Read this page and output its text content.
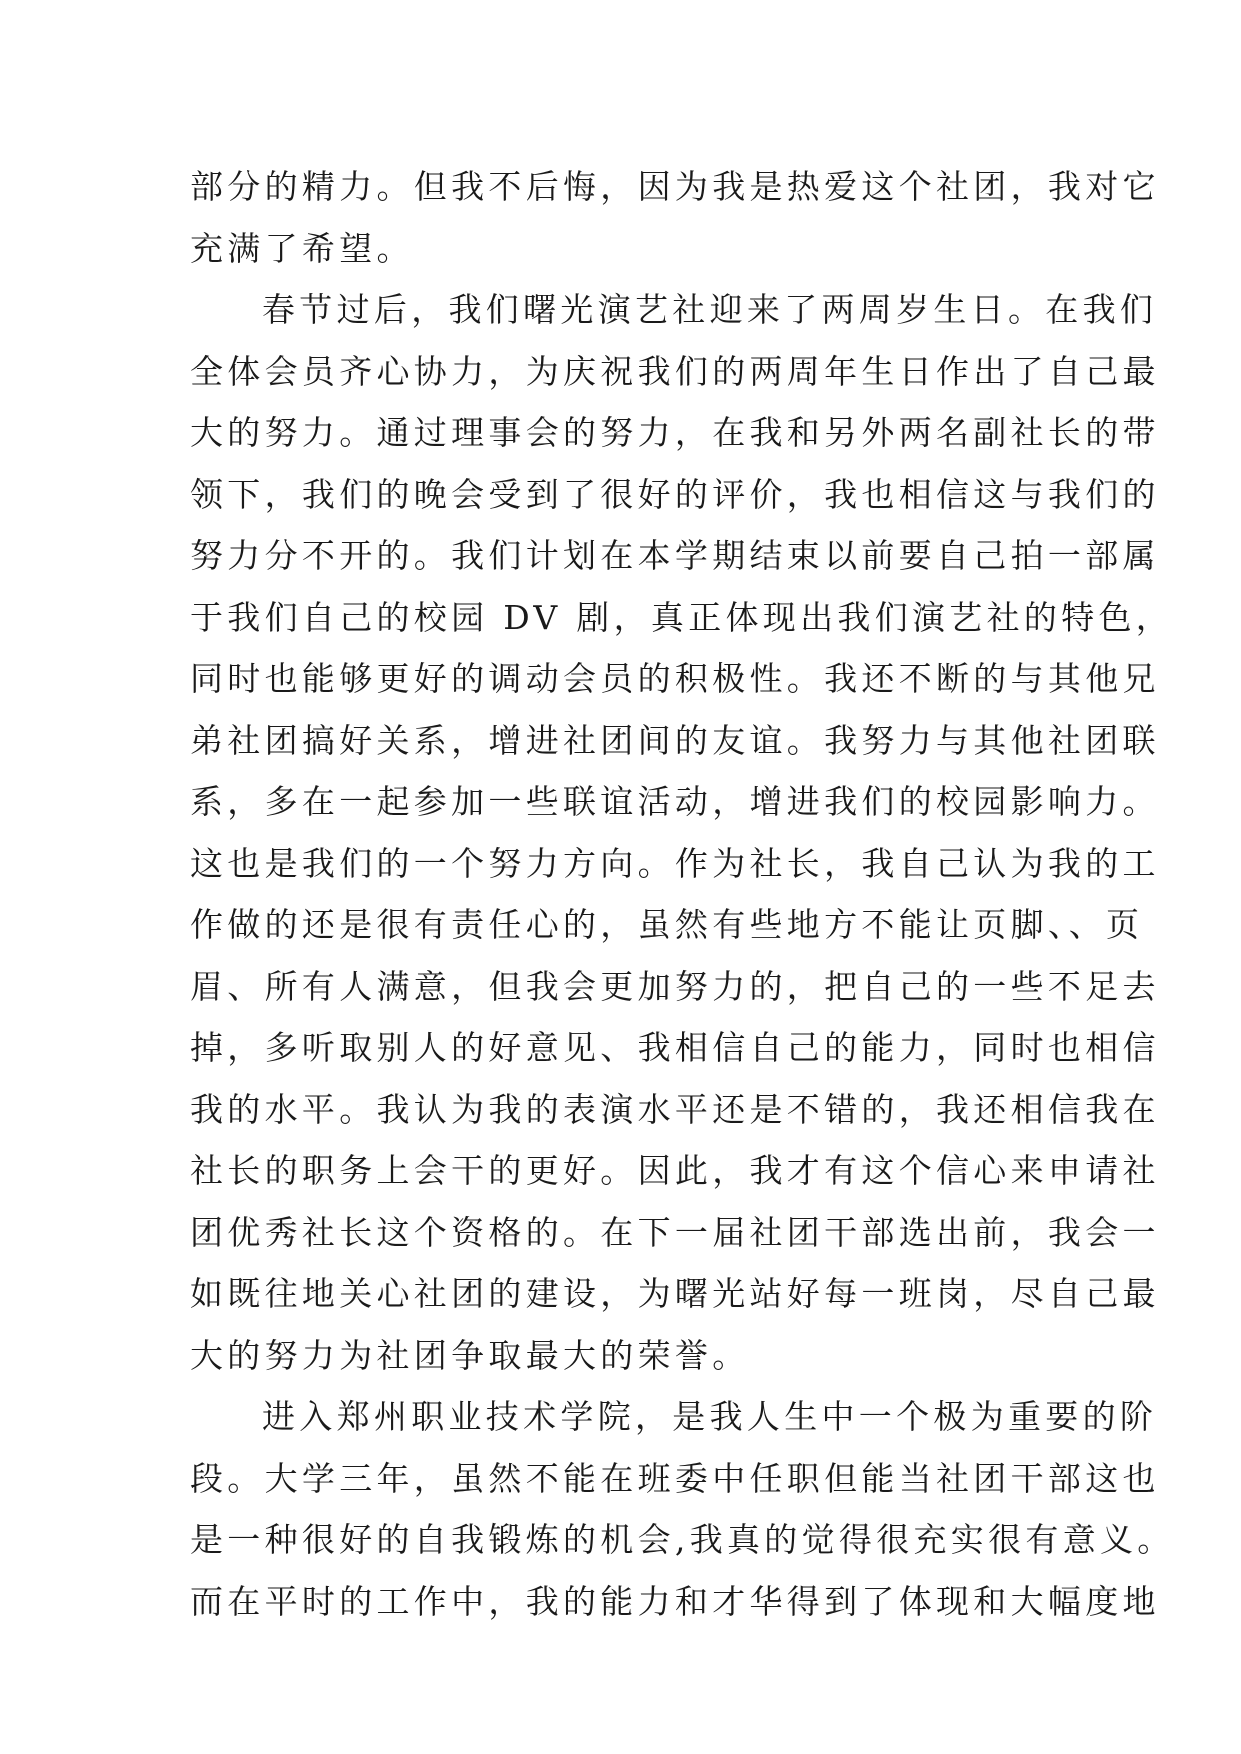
部分的精力。但我不后悔，因为我是热爱这个社团，我对它
充满了希望。
春节过后，我们曙光演艺社迎来了两周岁生日。在我们
全体会员齐心协力，为庆祝我们的两周年生日作出了自己最
大的努力。通过理事会的努力，在我和另外两名副社长的带
领下，我们的晚会受到了很好的评价，我也相信这与我们的
努力分不开的。我们计划在本学期结束以前要自己拍一部属
于我们自己的校园 DV 剧，真正体现出我们演艺社的特色，
同时也能够更好的调动会员的积极性。我还不断的与其他兄
弟社团搞好关系，增进社团间的友谊。我努力与其他社团联
系，多在一起参加一些联谊活动，增进我们的校园影响力。
这也是我们的一个努力方向。作为社长，我自己认为我的工
作做的还是很有责任心的，虽然有些地方不能让页脚、、页
眉、所有人满意，但我会更加努力的，把自己的一些不足去
掉，多听取别人的好意见、我相信自己的能力，同时也相信
我的水平。我认为我的表演水平还是不错的，我还相信我在
社长的职务上会干的更好。因此，我才有这个信心来申请社
团优秀社长这个资格的。在下一届社团干部选出前，我会一
如既往地关心社团的建设，为曙光站好每一班岗，尽自己最
大的努力为社团争取最大的荣誉。
进入郑州职业技术学院，是我人生中一个极为重要的阶
段。大学三年，虽然不能在班委中任职但能当社团干部这也
是一种很好的自我锻炼的机会,我真的觉得很充实很有意义。
而在平时的工作中，我的能力和才华得到了体现和大幅度地
